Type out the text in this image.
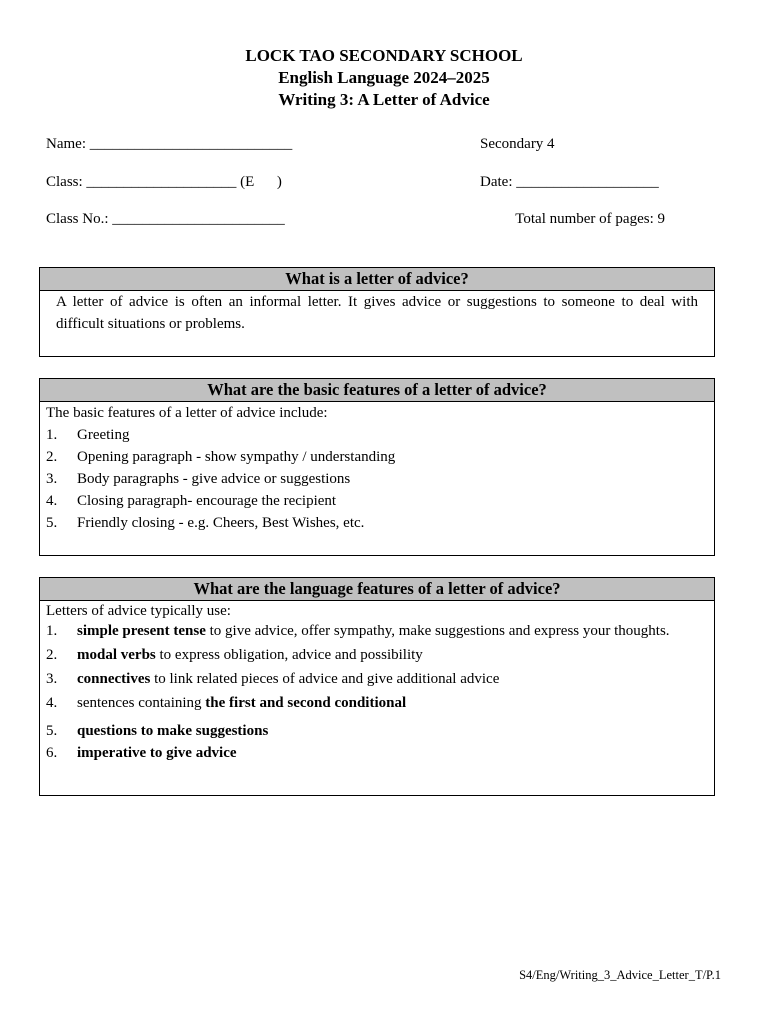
LOCK TAO SECONDARY SCHOOL
English Language 2024–2025
Writing 3: A Letter of Advice
Name: ___________________________	Secondary 4
Class: ____________________ (E      )	Date: ___________________
Class No.: _______________________	Total number of pages: 9
What is a letter of advice?
A letter of advice is often an informal letter. It gives advice or suggestions to someone to deal with difficult situations or problems.
What are the basic features of a letter of advice?
The basic features of a letter of advice include:
1.	Greeting
2.	Opening paragraph - show sympathy / understanding
3.	Body paragraphs - give advice or suggestions
4.	Closing paragraph- encourage the recipient
5.	Friendly closing - e.g. Cheers, Best Wishes, etc.
What are the language features of a letter of advice?
Letters of advice typically use:
1.	simple present tense to give advice, offer sympathy, make suggestions and express your thoughts.
2.	modal verbs to express obligation, advice and possibility
3.	connectives to link related pieces of advice and give additional advice
4.	sentences containing the first and second conditional
5.	questions to make suggestions
6.	imperative to give advice
S4/Eng/Writing_3_Advice_Letter_T/P.1
